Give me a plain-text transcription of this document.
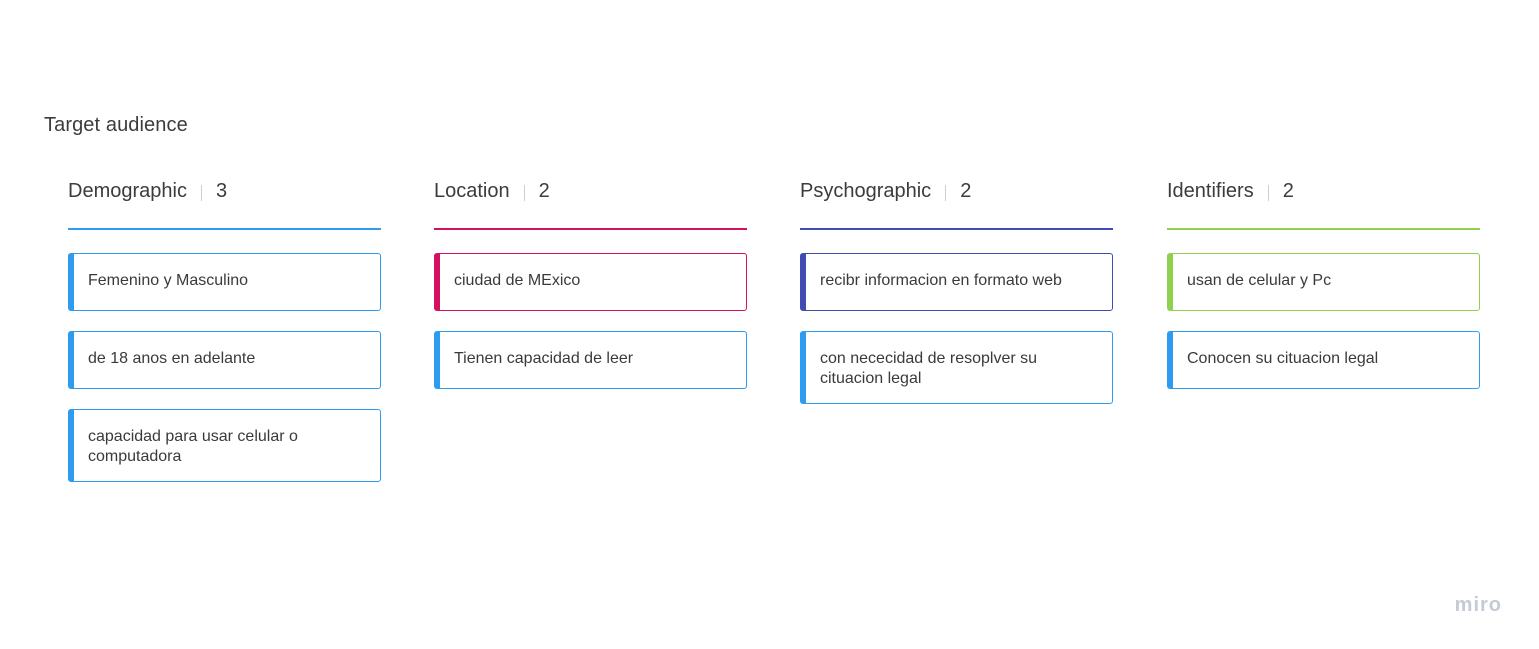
Target audience
Demographic 3
Femenino y Masculino
de 18 anos en adelante
capacidad para usar celular o computadora
Location 2
ciudad de MExico
Tienen capacidad de leer
Psychographic 2
recibr informacion en formato web
con nececidad de resoplver su cituacion legal
Identifiers 2
usan de celular y Pc
Conocen su cituacion legal
miro
